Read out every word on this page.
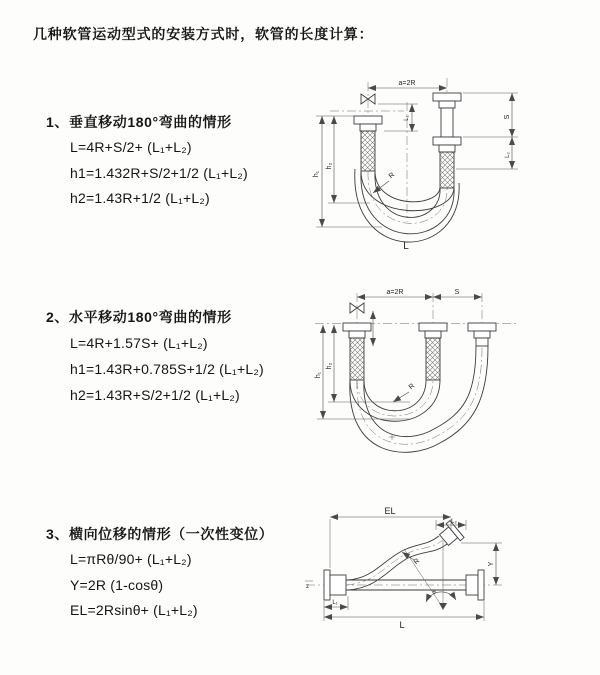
几种软管运动型式的安装方式时，软管的长度计算：
1、垂直移动180°弯曲的情形
L=4R+S/2+ (L₁+L₂)
h1=1.432R+S/2+1/2 (L₁+L₂)
h2=1.43R+1/2 (L₁+L₂)
2、水平移动180°弯曲的情形
L=4R+1.57S+ (L₁+L₂)
h1=1.43R+0.785S+1/2 (L₁+L₂)
h2=1.43R+S/2+1/2 (L₁+L₂)
3、横向位移的情形（一次性变位）
L=πRθ/90+ (L₁+L₂)
Y=2R (1-cosθ)
EL=2Rsinθ+ (L₁+L₂)
a=2R
h₁
h₂
L₁	S
L₂
R
L
a=2R	S
h₁
h₂
R
θ
EL
L₂
Y
L₁
L
R
z
